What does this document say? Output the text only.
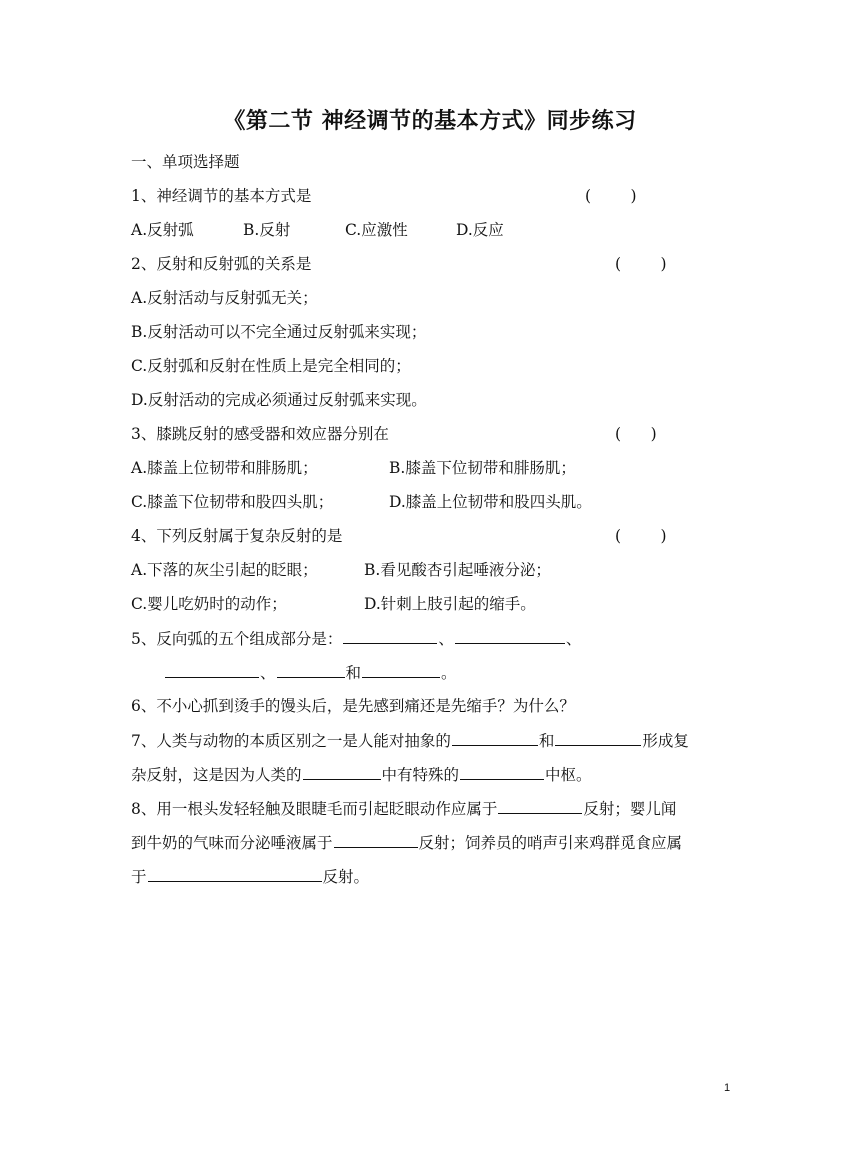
《第二节 神经调节的基本方式》同步练习
一、单项选择题
1、神经调节的基本方式是	(        )
A.反射弧	B.反射	C.应激性	D.反应
2、反射和反射弧的关系是	(        )
A.反射活动与反射弧无关；
B.反射活动可以不完全通过反射弧来实现；
C.反射弧和反射在性质上是完全相同的；
D.反射活动的完成必须通过反射弧来实现。
3、膝跳反射的感受器和效应器分别在	(      )
A.膝盖上位韧带和腓肠肌；	B.膝盖下位韧带和腓肠肌；
C.膝盖下位韧带和股四头肌；	D.膝盖上位韧带和股四头肌。
4、下列反射属于复杂反射的是	(        )
A.下落的灰尘引起的眨眼；	B.看见酸杏引起唾液分泌；
C.婴儿吃奶时的动作；	D.针刺上肢引起的缩手。
5、反向弧的五个组成部分是：	、	、
、	和	。
6、不小心抓到烫手的馒头后，是先感到痛还是先缩手？为什么？
7、人类与动物的本质区别之一是人能对抽象的	和	形成复
杂反射，这是因为人类的	中有特殊的	中枢。
8、用一根头发轻轻触及眼睫毛而引起眨眼动作应属于	反射；婴儿闻
到牛奶的气味而分泌唾液属于	反射；饲养员的哨声引来鸡群觅食应属
于	反射。
1
